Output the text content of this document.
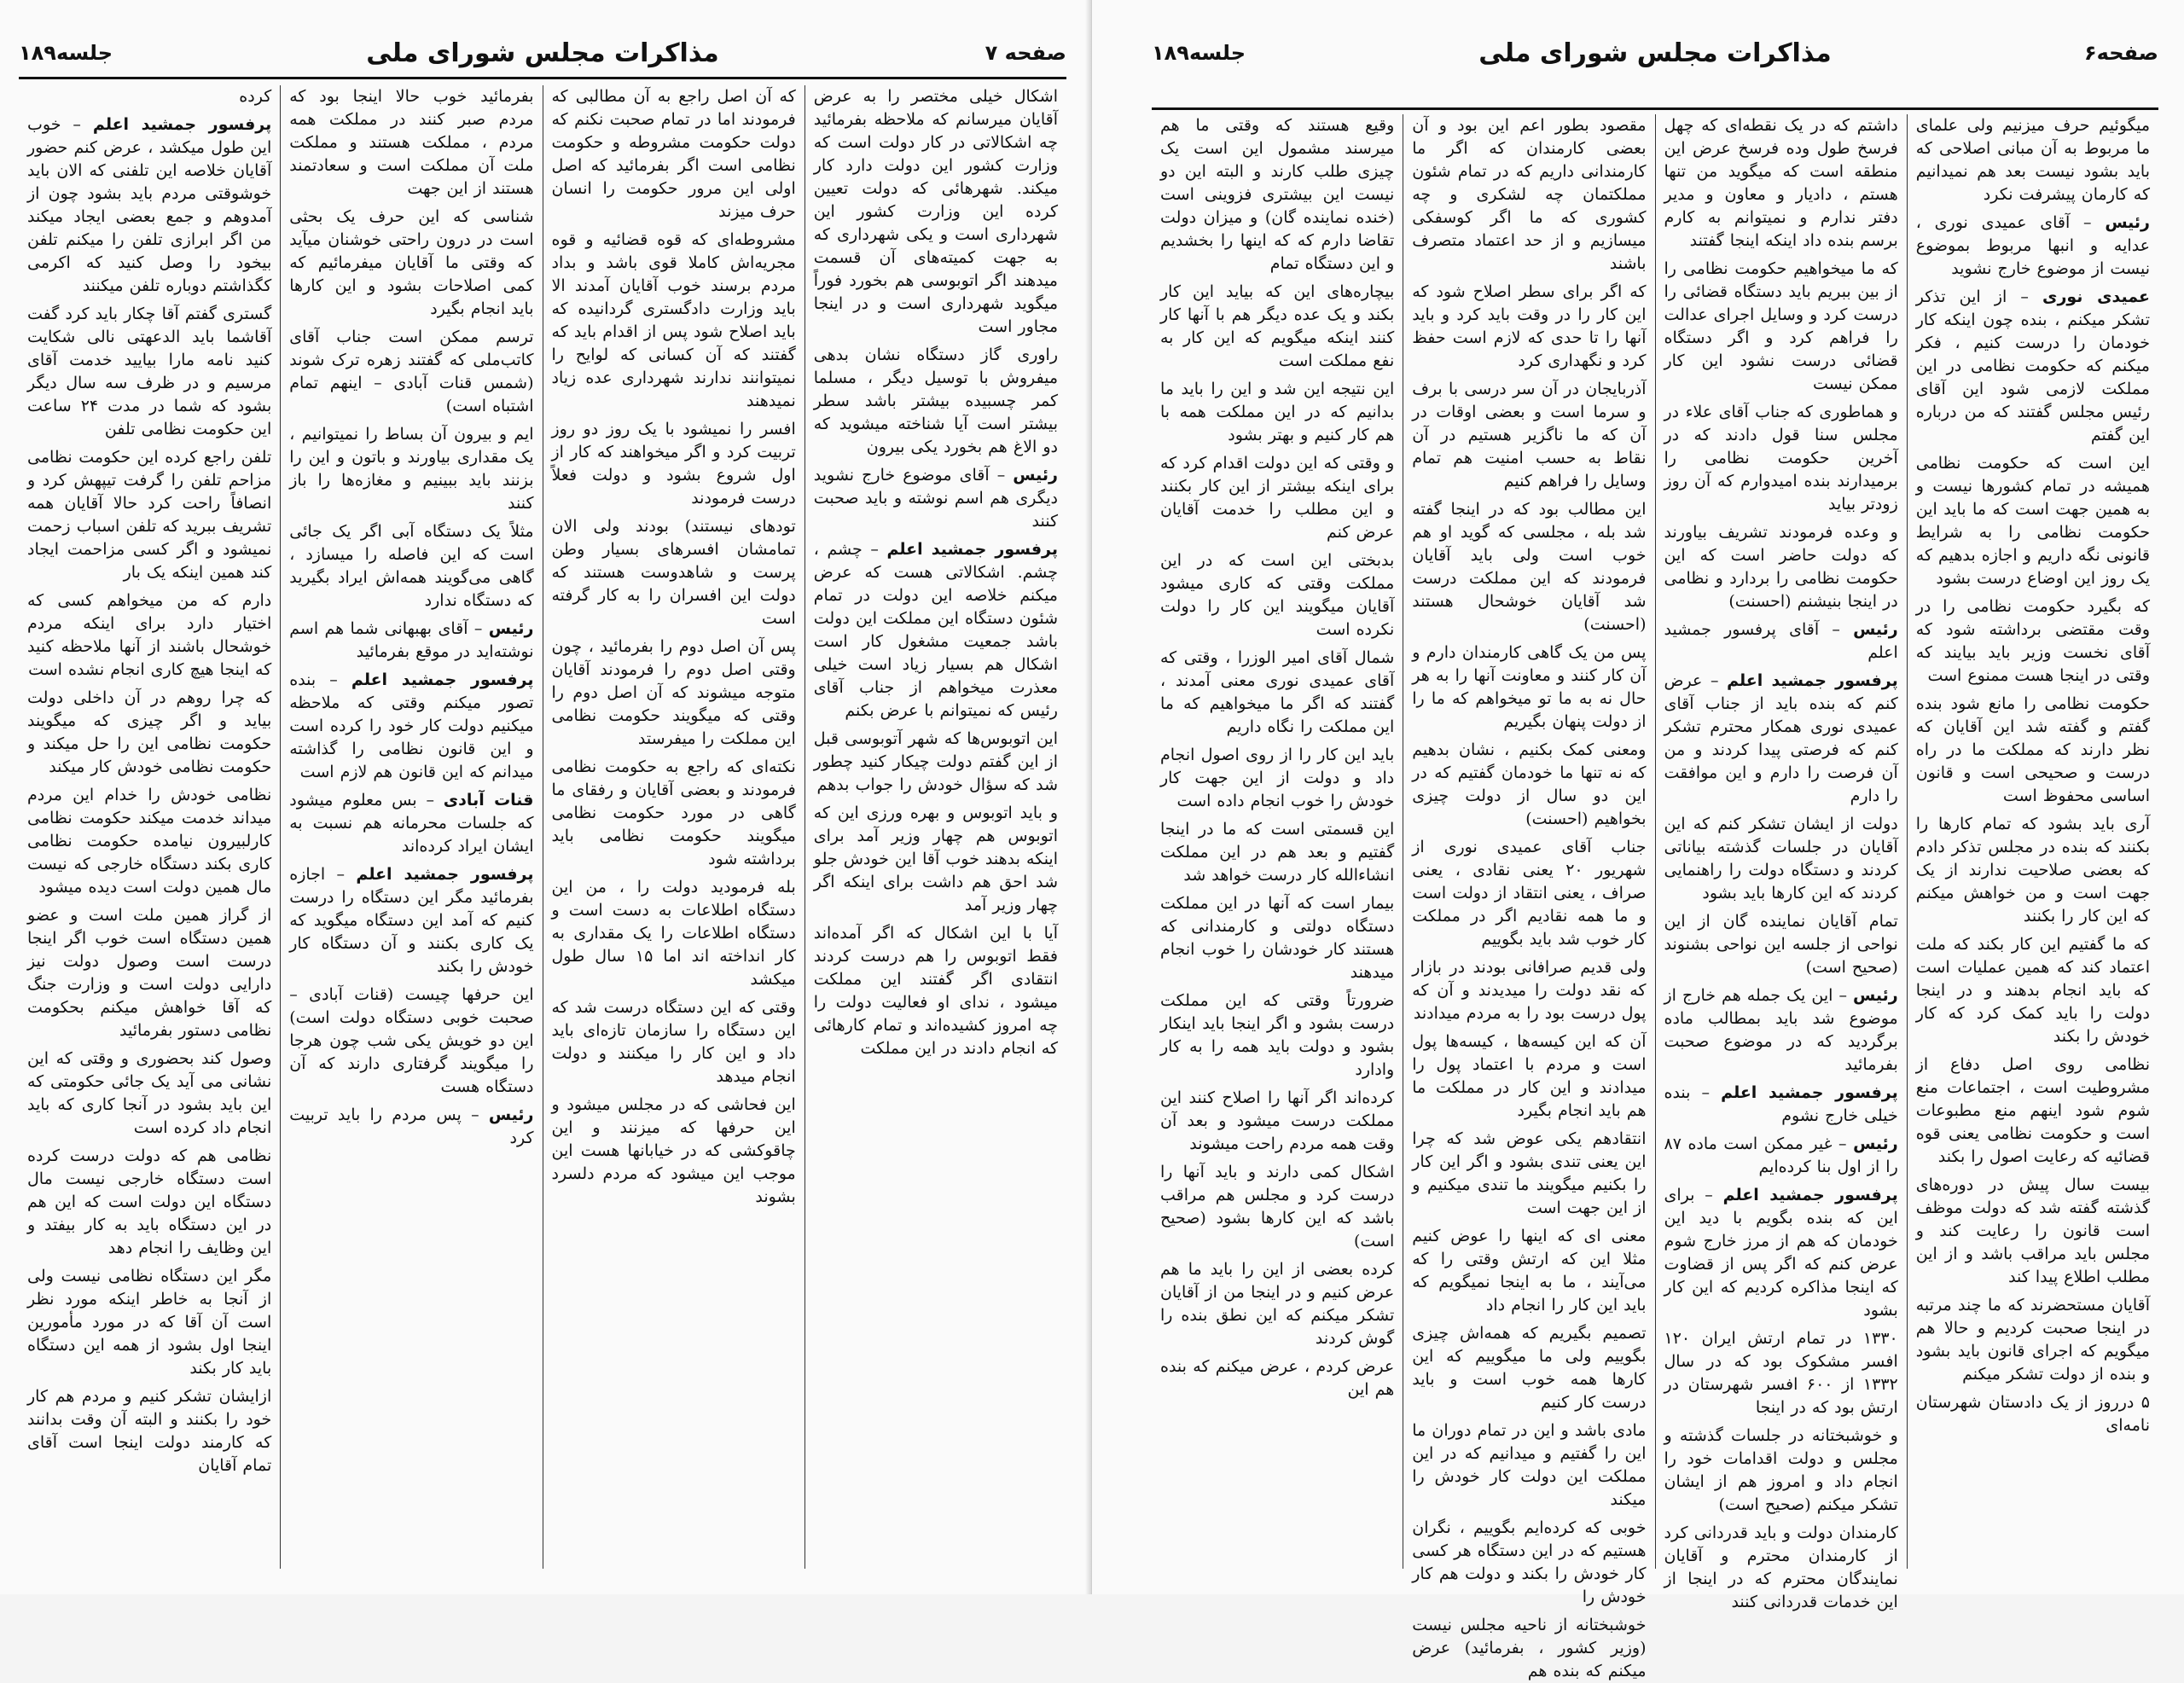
صفحه ۷
مذاکرات مجلس شورای ملی
جلسه۱۸۹

اشکال خیلی مختصر را به عرض آقایان میرسانم که ملاحظه بفرمائید چه اشکالاتی در کار دولت است که وزارت کشور این دولت دارد کار میکند. شهرهائی که دولت تعیین کرده این وزارت کشور این شهرداری است و یکی شهرداری که به جهت کمیته‌های آن قسمت میدهند اگر اتوبوسی هم بخورد فوراً میگوید شهرداری است و در اینجا مجاور است

راوری گاز دستگاه نشان بدهی میفروش با توسیل دیگر ، مسلما کمر چسبیده بیشتر باشد سطر بیشتر است آیا شناخته میشوید که دو الاغ هم بخورد یکی بیرون

رئیس – آقای موضوع خارج نشوید دیگری هم اسم نوشته و باید صحبت کنند

پرفسور جمشید اعلم – چشم ، چشم. اشکالاتی هست که عرض میکنم خلاصه این دولت در تمام شئون دستگاه این مملکت این دولت باشد جمعیت مشغول کار است اشکال هم بسیار زیاد است خیلی معذرت میخواهم از جناب آقای رئیس که نمیتوانم با عرض بکنم

این اتوبوس‌ها که شهر آتوبوسی قبل از این گفتم دولت چیکار کنید چطور شد که سؤال خودش را جواب بدهم

و باید اتوبوس و بهره ورزی این که اتوبوس هم چهار وزیر آمد برای اینکه بدهند خوب آقا این خودش جلو شد احق هم داشت برای اینکه اگر چهار وزیر آمد

آیا با این اشکال که اگر آمده‌اند فقط اتوبوس را هم درست کردند انتقادی اگر گفتند این مملکت میشود ، ندای او فعالیت دولت را چه امروز کشیده‌اند و تمام کارهائی که انجام دادند در این مملکت

که آن اصل راجع به آن مطالبی که فرمودند اما در تمام صحبت نکنم که دولت حکومت مشروطه و حکومت نظامی است اگر بفرمائید که اصل اولی این مرور حکومت را انسان حرف میزند

مشروطه‌ای که قوه قضائیه و قوه مجریه‌اش کاملا قوی باشد و بداد مردم برسند خوب آقایان آمدند الا باید وزارت دادگستری گردانیده که باید اصلاح شود پس از اقدام باید که گفتند که آن کسانی که لوایح را نمیتوانند ندارند شهرداری عده زیاد نمیدهند

افسر را نمیشود با یک روز دو روز تربیت کرد و اگر میخواهند که کار از اول شروع بشود و دولت فعلاً درست فرمودند

تودهای نیستند) بودند ولی الان تمامشان افسرهای بسیار وطن پرست و شاهدوست هستند که دولت این افسران را به کار گرفته است

پس آن اصل دوم را بفرمائید ، چون وقتی اصل دوم را فرمودند آقایان متوجه میشوند که آن اصل دوم را وقتی که میگویند حکومت نظامی این مملکت را میفرستد

نکته‌ای که راجع به حکومت نظامی فرمودند و بعضی آقایان و رفقای ما گاهی در مورد حکومت نظامی میگویند حکومت نظامی باید برداشته شود

بله فرمودید دولت را ، من این دستگاه اطلاعات به دست است و دستگاه اطلاعات را یک مقداری به کار انداخته اند اما ۱۵ سال طول میکشد

وقتی که این دستگاه درست شد که این دستگاه را سازمان تازه‌ای باید داد و این کار را میکنند و دولت انجام میدهد

این فحاشی که در مجلس میشود و این حرفها که میزنند و این چاقوکشی که در خیابانها هست این موجب این میشود که مردم دلسرد بشوند

بفرمائید خوب حالا اینجا بود که مردم صبر کنند در مملکت همه مردم ، مملکت هستند و مملکت ملت آن مملکت است و سعادتمند هستند از این جهت

شناسی که این حرف یک بحثی است در درون راحتی خوشنان میآید که وقتی ما آقایان میفرمائیم که کمی اصلاحات بشود و این کارها باید انجام بگیرد

ترسم ممکن است جناب آقای کاتب‌ملی که گفتند زهره ترک شوند (شمس قنات آبادی – اینهم تمام اشتباه است)

ایم و بیرون آن بساط را نمیتوانیم ، یک مقداری بیاورند و باتون و این را بزنند باید ببینیم و مغازه‌ها را باز کنند

مثلاً یک دستگاه آبی اگر یک جائی است که این فاصله را میسازد ، گاهی می‌گویند همه‌اش ایراد بگیرید که دستگاه ندارد

رئیس – آقای بهبهانی شما هم اسم نوشته‌اید در موقع بفرمائید

پرفسور جمشید اعلم – بنده تصور میکنم وقتی که ملاحظه میکنیم دولت کار خود را کرده است و این قانون نظامی را گذاشته میدانم که این قانون هم لازم است

قنات آبادی – بس معلوم میشود که جلسات محرمانه هم نسبت به ایشان ایراد کرده‌اند

پرفسور جمشید اعلم – اجازه بفرمائید مگر این دستگاه را درست کنیم که آمد این دستگاه میگوید که یک کاری بکنند و آن دستگاه کار خودش را بکند

این حرفها چیست (قنات آبادی – صحبت خوبی دستگاه دولت است) این دو خویش یکی شب چون هرجا را میگویند گرفتاری دارند که آن دستگاه هست

رئیس – پس مردم را باید تربیت کرد

کرده

پرفسور جمشید اعلم – خوب این طول میکشد ، عرض کنم حضور آقایان خلاصه این تلفنی که الان باید خوشوقتی مردم باید بشود چون از آمدوهم و جمع بعضی ایجاد میکند من اگر ابرازی تلفن را میکنم تلفن بیخود را وصل کنید که اکرمی کگذاشتم دوباره تلفن میکنند

گستری گفتم آقا چکار باید کرد گفت آقاشما باید الدعهتی نالی شکایت کنید نامه مارا بیایید خدمت آقای مرسیم و در ظرف سه سال دیگر بشود که شما در مدت ۲۴ ساعت این حکومت نظامی تلفن

تلفن راجع کرده این حکومت نظامی مزاحم تلفن را گرفت تیپهش کرد و انصافاً راحت کرد حالا آقایان همه تشریف ببرید که تلفن اسباب زحمت نمیشود و اگر کسی مزاحمت ایجاد کند همین اینکه یک بار

دارم که من میخواهم کسی که اختیار دارد برای اینکه مردم خوشحال باشند از آنها ملاحظه کنید که اینجا هیچ کاری انجام نشده است

که چرا روهم در آن داخلی دولت بیاید و اگر چیزی که میگویند حکومت نظامی این را حل میکند و حکومت نظامی خودش کار میکند

نظامی خودش را خدام این مردم میداند خدمت میکند حکومت نظامی کارلبیرون نیامده حکومت نظامی کاری بکند دستگاه خارجی که نیست مال همین دولت است دیده میشود

از گراز همین ملت است و عضو همین دستگاه است خوب اگر اینجا درست است وصول دولت نیز دارایی دولت است و وزارت جنگ که آقا خواهش میکنم بحکومت نظامی دستور بفرمائید

وصول کند بحضوری و وقتی که این نشانی می آید یک جائی حکومتی که این باید بشود در آنجا کاری که باید انجام داد کرده است

نظامی هم که دولت درست کرده است دستگاه خارجی نیست مال دستگاه این دولت است که این هم در این دستگاه باید به کار بیفتد و این وظایف را انجام دهد

مگر این دستگاه نظامی نیست ولی از آنجا به خاطر اینکه مورد نظر است آن آقا که در مورد مأمورین اینجا اول بشود از همه این دستگاه باید کار بکند

ازایشان تشکر کنیم و مردم هم کار خود را بکنند و البته آن وقت بدانند که کارمند دولت اینجا است آقای تمام آقایان

صفحه۶
مذاکرات مجلس شورای ملی
جلسه۱۸۹

میگوئیم حرف میزنیم ولی علمای ما مربوط به آن مبانی اصلاحی که باید بشود نیست بعد هم نمیدانیم که کارمان پیشرفت نکرد

رئیس – آقای عمیدی نوری ، عدایه و انبها مربوط بموضوع نیست از موضوع خارج نشوید

عمیدی نوری – از این تذکر تشکر میکنم ، بنده چون اینکه کار خودمان را درست کنیم ، فکر میکنم که حکومت نظامی در این مملکت لازمی شود این آقای رئیس مجلس گفتند که من درباره این گفتم

این است که حکومت نظامی همیشه در تمام کشورها نیست و به همین جهت است که ما باید این حکومت نظامی را به شرایط قانونی نگه داریم و اجازه بدهیم که یک روز این اوضاع درست بشود

که بگیرد حکومت نظامی را در وقت مقتضی برداشته شود که آقای نخست وزیر باید بیایند که وقتی در اینجا هست ممنوع است

حکومت نظامی را مانع شود بنده گفتم و گفته شد این آقایان که نظر دارند که مملکت ما در راه درست و صحیحی است و قانون اساسی محفوظ است

آری باید بشود که تمام کارها را بکنند که بنده در مجلس تذکر دادم که بعضی صلاحیت ندارند از یک جهت است و من خواهش میکنم که این کار را بکنند

که ما گفتیم این کار بکند که ملت اعتماد کند که همین عملیات است که باید انجام بدهند و در اینجا دولت را باید کمک کرد که کار خودش را بکند

نظامی روی اصل دفاع از مشروطیت است ، اجتماعات منع شوم شود اینهم منع مطبوعات است و حکومت نظامی یعنی قوه قضائیه که رعایت اصول را بکند

بیست سال پیش در دوره‌های گذشته گفته شد که دولت موظف است قانون را رعایت کند و مجلس باید مراقب باشد و از این مطلب اطلاع پیدا کند

آقایان مستحضرند که ما چند مرتبه در اینجا صحبت کردیم و حالا هم میگویم که اجرای قانون باید بشود و بنده از دولت تشکر میکنم

۵ درروز از یک دادستان شهرستان نامه‌ای

داشتم که در یک نقطه‌ای که چهل فرسخ طول وده فرسخ عرض این منطقه است که میگوید من تنها هستم ، دادیار و معاون و مدیر دفتر ندارم و نمیتوانم به کارم برسم بنده داد اینکه اینجا گفتند

که ما میخواهیم حکومت نظامی را از بین ببریم باید دستگاه قضائی را درست کرد و وسایل اجرای عدالت را فراهم کرد و اگر دستگاه قضائی درست نشود این کار ممکن نیست

و هماطوری که جناب آقای علاء در مجلس سنا قول دادند که در آخرین حکومت نظامی را برمیدارند بنده امیدوارم که آن روز زودتر بیاید

و وعده فرمودند تشریف بیاورند که دولت حاضر است که این حکومت نظامی را بردارد و نظامی در اینجا بنیشنم (احسنت)

رئیس – آقای پرفسور جمشید اعلم

پرفسور جمشید اعلم – عرض کنم که بنده باید از جناب آقای عمیدی نوری همکار محترم تشکر کنم که فرصتی پیدا کردند و من آن فرصت را دارم و این موافقت را دارم

دولت از ایشان تشکر کنم که این آقایان در جلسات گذشته بیاناتی کردند و دستگاه دولت را راهنمایی کردند که این کارها باید بشود

تمام آقایان نماینده گان از این نواحی از جلسه این نواحی بشنوند (صحیح است)

رئیس – این یک جمله هم خارج از موضوع شد باید بمطالب ماده برگردید که در موضوع صحبت بفرمائید

پرفسور جمشید اعلم – بنده خیلی خارج نشوم

رئیس – غیر ممکن است ماده ۸۷ را از اول بنا کرده‌ایم

پرفسور جمشید اعلم – برای این که بنده بگویم با دید این خودمان که هم از مرز خارج شوم عرض کنم که اگر پس از قضاوت که اینجا مذاکره کردیم که این کار بشود

۱۳۳۰ در تمام ارتش ایران ۱۲۰ افسر مشکوک بود که در سال ۱۳۳۲ از ۶۰۰ افسر شهرستان در ارتش بود که در اینجا

و خوشبختانه در جلسات گذشته و مجلس و دولت اقدامات خود را انجام داد و امروز هم از ایشان تشکر میکنم (صحیح است)

کارمندان دولت و باید قدردانی کرد از کارمندان محترم و آقایان نمایندگان محترم که در اینجا از این خدمات قدردانی کنند

مقصود بطور اعم این بود و آن بعضی کارمندان که اگر ما کارمندانی داریم که در تمام شئون مملکتمان چه لشکری و چه کشوری که ما اگر کوسفکی میسازیم و از حد اعتماد متصرف باشند

که اگر برای سطر اصلاح شود که این کار را در وقت باید کرد و باید آنها را تا حدی که لازم است حفظ کرد و نگهداری کرد

آذربایجان در آن سر درسی با برف و سرما است و بعضی اوقات در آن که ما ناگزیر هستیم در آن نقاط به حسب امنیت هم تمام وسایل را فراهم کنیم

این مطالب بود که در اینجا گفته شد بله ، مجلسی که گوید او هم خوب است ولی باید آقایان فرمودند که این مملکت درست شد آقایان خوشحال هستند (احسنت)

پس من یک گاهی کارمندان دارم و آن کار کنند و معاونت آنها را به هر حال نه به ما تو میخواهم که ما را از دولت پنهان بگیریم

ومعنی کمک بکنیم ، نشان بدهیم که نه تنها ما خودمان گفتیم که در این دو سال از دولت چیزی بخواهیم (احسنت)

جناب آقای عمیدی نوری از شهریور ۲۰ یعنی نقادی ، یعنی صراف ، یعنی انتقاد از دولت است و ما همه نقادیم اگر در مملکت کار خوب شد باید بگوییم

ولی قدیم صرافانی بودند در بازار که نقد دولت را میدیدند و آن که پول درست بود را به مردم میدادند

آن که این کیسه‌ها ، کیسه‌ها پول است و مردم با اعتماد پول را میدادند و این کار در مملکت ما هم باید انجام بگیرد

انتقادهم یکی عوض شد که چرا این یعنی تندی بشود و اگر این کار را بکنیم میگویند ما تندی میکنیم و از این جهت است

معنی ای که اینها را عوض کنیم مثلا این که ارتش وقتی را که می‌آیند ، ما به اینجا نمیگویم که باید این کار را انجام داد

تصمیم بگیریم که همه‌اش چیزی بگوییم ولی ما میگوییم که این کارها همه خوب است و باید درست کار کنیم

مادی باشد و این در تمام دوران ما این را گفتیم و میدانیم که در این مملکت این دولت کار خودش را میکند

خوبی که کرده‌ایم بگوییم ، نگران هستیم که در این دستگاه هر کسی کار خودش را بکند و دولت هم کار خودش را

خوشبختانه از ناحیه مجلس نیست (وزیر کشور ، بفرمائید) عرض میکنم که بنده هم

وقیع هستند که وقتی ما هم میرسند مشمول این است یک چیزی طلب کارند و البته این دو نیست این بیشتری فزوینی است (خنده نماینده گان) و میزان دولت تقاضا دارم که که اینها را بخشدیم و این دستگاه تمام

بیچاره‌های این که بیاید این کار بکند و یک عده دیگر هم با آنها کار کنند اینکه میگویم که این کار به نفع مملکت است

این نتیجه این شد و این را باید ما بدانیم که در این مملکت همه با هم کار کنیم و بهتر بشود

و وقتی که این دولت اقدام کرد که برای اینکه بیشتر از این کار بکنند و این مطلب را خدمت آقایان عرض کنم

بدبختی این است که در این مملکت وقتی که کاری میشود آقایان میگویند این کار را دولت نکرده است

شمال آقای امیر الوزرا ، وقتی که آقای عمیدی نوری معنی آمدند ، گفتند که اگر ما میخواهیم که ما این مملکت را نگاه داریم

باید این کار را از روی اصول انجام داد و دولت از این جهت کار خودش را خوب انجام داده است

این قسمتی است که ما در اینجا گفتیم و بعد هم در این مملکت انشاءالله کار درست خواهد شد

بیمار است که آنها در این مملکت دستگاه دولتی و کارمندانی که هستند کار خودشان را خوب انجام میدهند

ضرورتاً وقتی که این مملکت درست بشود و اگر اینجا باید اینکار بشود و دولت باید همه را به کار وادارد

کرده‌اند اگر آنها را اصلاح کنند این مملکت درست میشود و بعد آن وقت همه مردم راحت میشوند

اشکال کمی دارند و باید آنها را درست کرد و مجلس هم مراقب باشد که این کارها بشود (صحیح است)

کرده بعضی از این را باید ما هم عرض کنیم و در اینجا من از آقایان تشکر میکنم که این نطق بنده را گوش کردند

عرض کردم ، عرض میکنم که بنده هم این
